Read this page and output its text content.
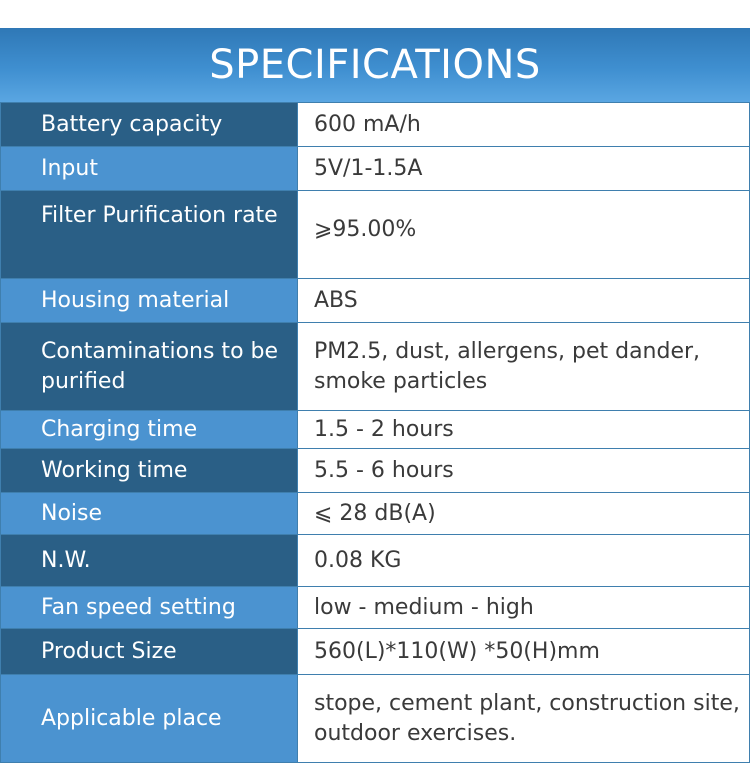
SPECIFICATIONS
Battery capacity	600 mA/h
Input	5V/1-1.5A
Filter Purification rate	⩾95.00%
Housing material	ABS
Contaminations to be purified	PM2.5, dust, allergens, pet dander, smoke particles
Charging time	1.5 - 2 hours
Working time	5.5 - 6 hours
Noise	⩽ 28 dB(A)
N.W.	0.08 KG
Fan speed setting	low - medium - high
Product Size	560(L)*110(W) *50(H)mm
Applicable place	stope, cement plant, construction site, outdoor exercises.
